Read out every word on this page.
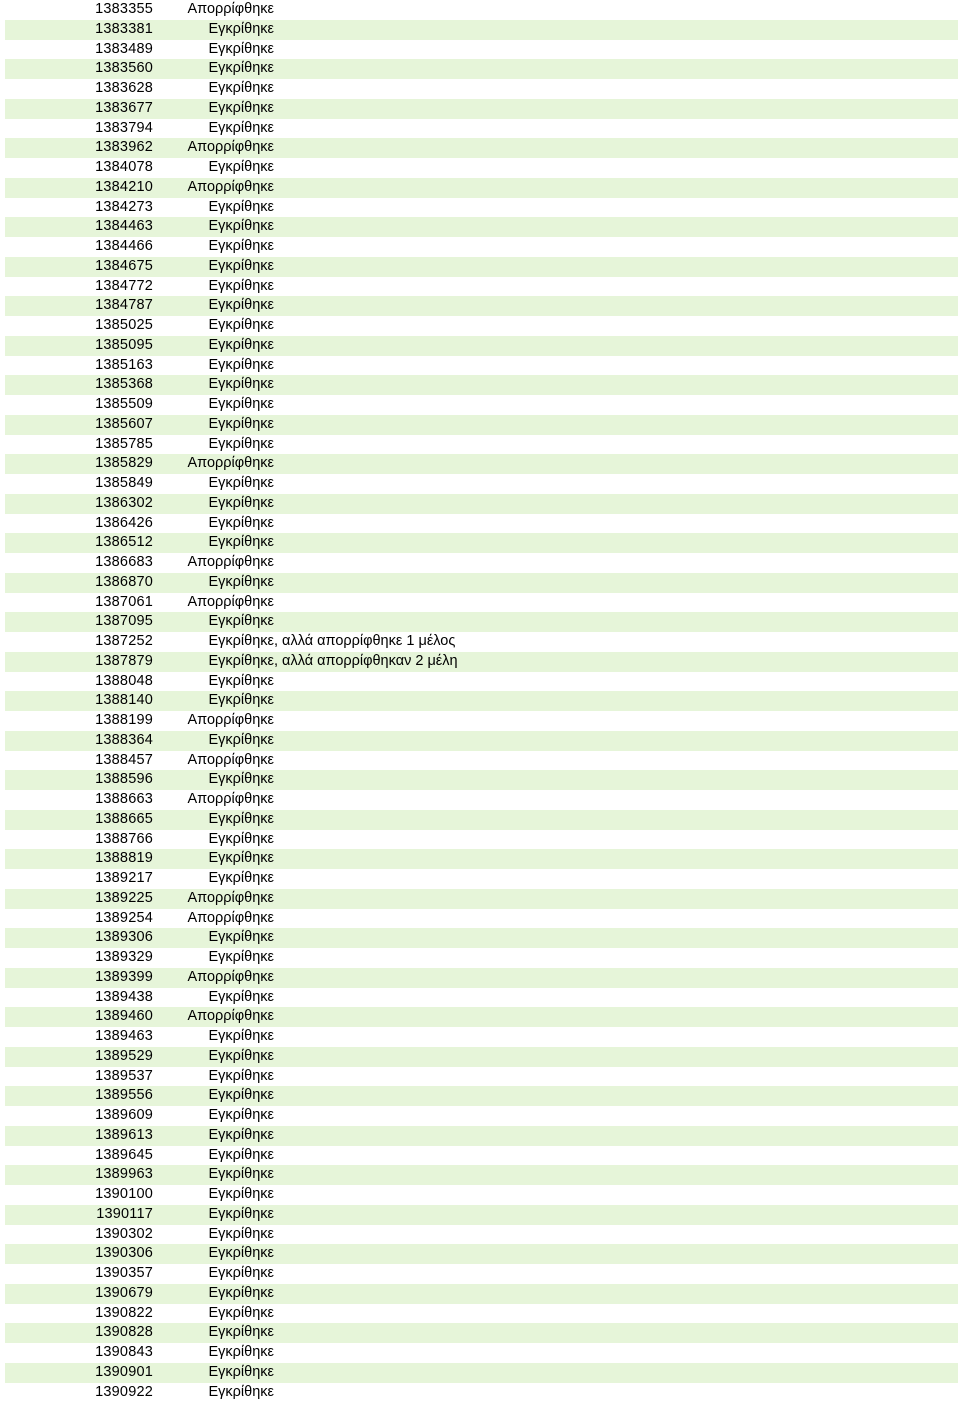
1383355	Απορρίφθηκε
1383381	Εγκρίθηκε
1383489	Εγκρίθηκε
1383560	Εγκρίθηκε
1383628	Εγκρίθηκε
1383677	Εγκρίθηκε
1383794	Εγκρίθηκε
1383962	Απορρίφθηκε
1384078	Εγκρίθηκε
1384210	Απορρίφθηκε
1384273	Εγκρίθηκε
1384463	Εγκρίθηκε
1384466	Εγκρίθηκε
1384675	Εγκρίθηκε
1384772	Εγκρίθηκε
1384787	Εγκρίθηκε
1385025	Εγκρίθηκε
1385095	Εγκρίθηκε
1385163	Εγκρίθηκε
1385368	Εγκρίθηκε
1385509	Εγκρίθηκε
1385607	Εγκρίθηκε
1385785	Εγκρίθηκε
1385829	Απορρίφθηκε
1385849	Εγκρίθηκε
1386302	Εγκρίθηκε
1386426	Εγκρίθηκε
1386512	Εγκρίθηκε
1386683	Απορρίφθηκε
1386870	Εγκρίθηκε
1387061	Απορρίφθηκε
1387095	Εγκρίθηκε
1387252	Εγκρίθηκε , αλλά απορρίφθηκε 1 μέλος
1387879	Εγκρίθηκε , αλλά απορρίφθηκαν 2 μέλη
1388048	Εγκρίθηκε
1388140	Εγκρίθηκε
1388199	Απορρίφθηκε
1388364	Εγκρίθηκε
1388457	Απορρίφθηκε
1388596	Εγκρίθηκε
1388663	Απορρίφθηκε
1388665	Εγκρίθηκε
1388766	Εγκρίθηκε
1388819	Εγκρίθηκε
1389217	Εγκρίθηκε
1389225	Απορρίφθηκε
1389254	Απορρίφθηκε
1389306	Εγκρίθηκε
1389329	Εγκρίθηκε
1389399	Απορρίφθηκε
1389438	Εγκρίθηκε
1389460	Απορρίφθηκε
1389463	Εγκρίθηκε
1389529	Εγκρίθηκε
1389537	Εγκρίθηκε
1389556	Εγκρίθηκε
1389609	Εγκρίθηκε
1389613	Εγκρίθηκε
1389645	Εγκρίθηκε
1389963	Εγκρίθηκε
1390100	Εγκρίθηκε
1390117	Εγκρίθηκε
1390302	Εγκρίθηκε
1390306	Εγκρίθηκε
1390357	Εγκρίθηκε
1390679	Εγκρίθηκε
1390822	Εγκρίθηκε
1390828	Εγκρίθηκε
1390843	Εγκρίθηκε
1390901	Εγκρίθηκε
1390922	Εγκρίθηκε
